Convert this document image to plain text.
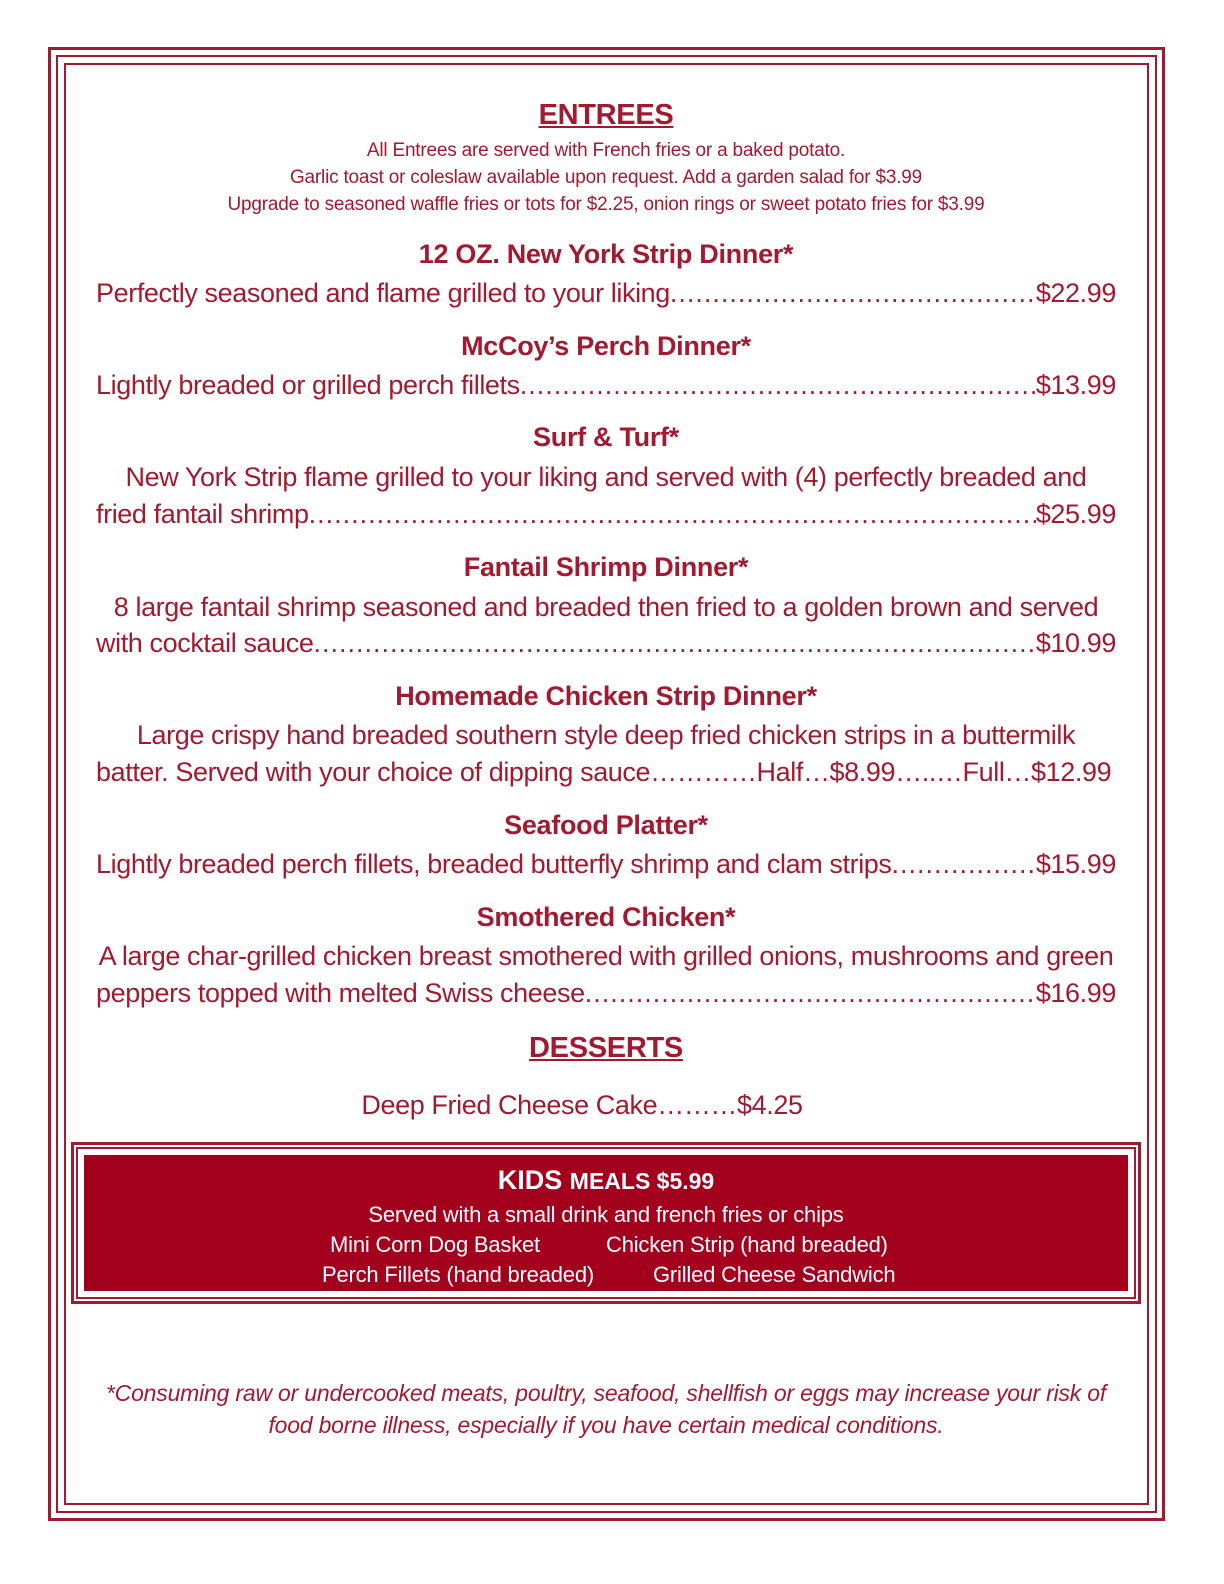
ENTREES
All Entrees are served with French fries or a baked potato.
Garlic toast or coleslaw available upon request. Add a garden salad for $3.99
Upgrade to seasoned waffle fries or tots for $2.25, onion rings or sweet potato fries for $3.99
12 OZ. New York Strip Dinner*
Perfectly seasoned and flame grilled to your liking .....	$22.99
McCoy’s Perch Dinner*
Lightly breaded or grilled perch fillets .....	$13.99
Surf & Turf*
New York Strip flame grilled to your liking and served with (4) perfectly breaded and
fried fantail shrimp .....	$25.99
Fantail Shrimp Dinner*
8 large fantail shrimp seasoned and breaded then fried to a golden brown and served
with cocktail sauce .....	$10.99
Homemade Chicken Strip Dinner*
Large crispy hand breaded southern style deep fried chicken strips in a buttermilk
batter. Served with your choice of dipping sauce…………Half…$8.99…..…Full…$12.99
Seafood Platter*
Lightly breaded perch fillets, breaded butterfly shrimp and clam strips .....	$15.99
Smothered Chicken*
A large char-grilled chicken breast smothered with grilled onions, mushrooms and green
peppers topped with melted Swiss cheese .....	$16.99
DESSERTS
Deep Fried Cheese Cake………$4.25
*Consuming raw or undercooked meats, poultry, seafood, shellfish or eggs may increase your risk of
food borne illness, especially if you have certain medical conditions.
KIDS MEALS $5.99
Served with a small drink and french fries or chips
Mini Corn Dog Basket	Chicken Strip (hand breaded)
Perch Fillets (hand breaded)	Grilled Cheese Sandwich
